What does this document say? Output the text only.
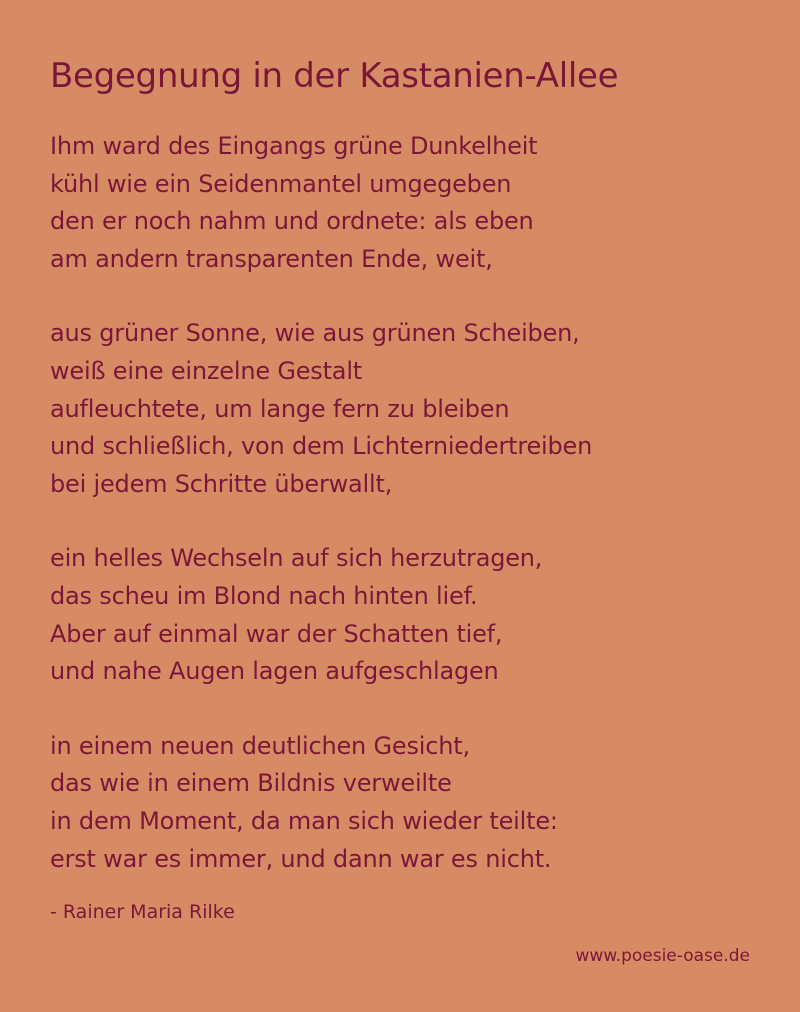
Begegnung in der Kastanien-Allee
Ihm ward des Eingangs grüne Dunkelheit
kühl wie ein Seidenmantel umgegeben
den er noch nahm und ordnete: als eben
am andern transparenten Ende, weit,
aus grüner Sonne, wie aus grünen Scheiben,
weiß eine einzelne Gestalt
aufleuchtete, um lange fern zu bleiben
und schließlich, von dem Lichterniedertreiben
bei jedem Schritte überwallt,
ein helles Wechseln auf sich herzutragen,
das scheu im Blond nach hinten lief.
Aber auf einmal war der Schatten tief,
und nahe Augen lagen aufgeschlagen
in einem neuen deutlichen Gesicht,
das wie in einem Bildnis verweilte
in dem Moment, da man sich wieder teilte:
erst war es immer, und dann war es nicht.
- Rainer Maria Rilke
www.poesie-oase.de
